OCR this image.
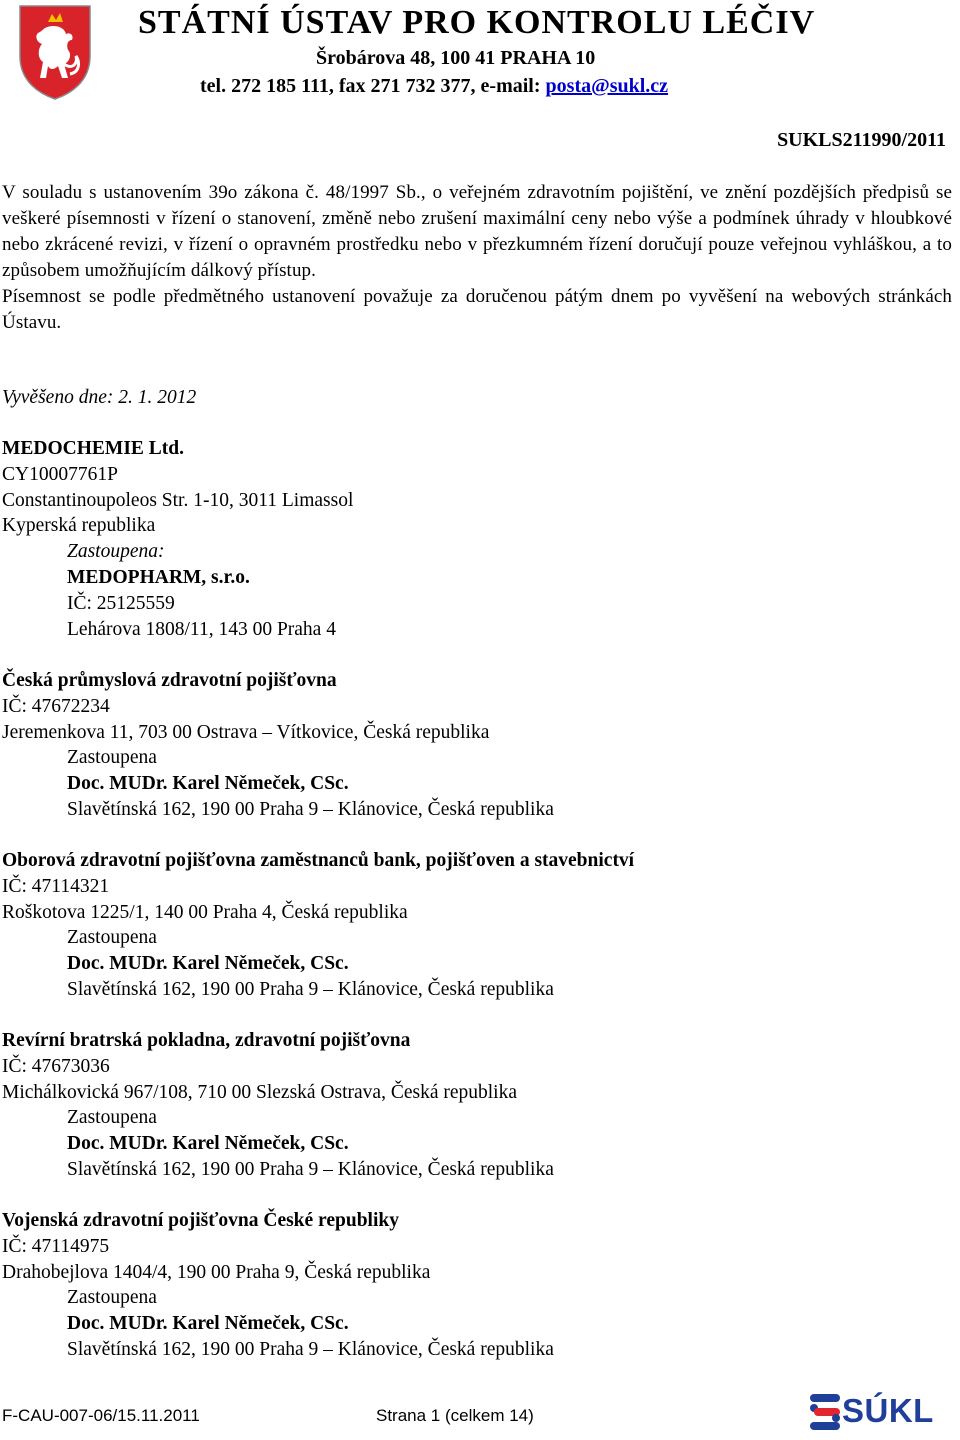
STÁTNÍ ÚSTAV PRO KONTROLU LÉČIV
Šrobárova 48, 100 41 PRAHA 10
tel. 272 185 111, fax 271 732 377, e-mail: posta@sukl.cz
SUKLS211990/2011
V souladu s ustanovením 39o zákona č. 48/1997 Sb., o veřejném zdravotním pojištění, ve znění pozdějších předpisů se veškeré písemnosti v řízení o stanovení, změně nebo zrušení maximální ceny nebo výše a podmínek úhrady v hloubkové nebo zkrácené revizi, v řízení o opravném prostředku nebo v přezkumném řízení doručují pouze veřejnou vyhláškou, a to způsobem umožňujícím dálkový přístup.
Písemnost se podle předmětného ustanovení považuje za doručenou pátým dnem po vyvěšení na webových stránkách Ústavu.
Vyvěšeno dne: 2. 1. 2012
MEDOCHEMIE Ltd.
CY10007761P
Constantinoupoleos Str. 1-10, 3011 Limassol
Kyperská republika
Zastoupena:
MEDOPHARM, s.r.o.
IČ: 25125559
Lehárova 1808/11, 143 00 Praha 4
Česká průmyslová zdravotní pojišťovna
IČ: 47672234
Jeremenkova 11, 703 00 Ostrava – Vítkovice, Česká republika
Zastoupena
Doc. MUDr. Karel Němeček, CSc.
Slavětínská 162, 190 00 Praha 9 – Klánovice, Česká republika
Oborová zdravotní pojišťovna zaměstnanců bank, pojišťoven a stavebnictví
IČ: 47114321
Roškotova 1225/1, 140 00 Praha 4, Česká republika
Zastoupena
Doc. MUDr. Karel Němeček, CSc.
Slavětínská 162, 190 00 Praha 9 – Klánovice, Česká republika
Revírní bratrská pokladna, zdravotní pojišťovna
IČ: 47673036
Michálkovická 967/108, 710 00 Slezská Ostrava, Česká republika
Zastoupena
Doc. MUDr. Karel Němeček, CSc.
Slavětínská 162, 190 00 Praha 9 – Klánovice, Česká republika
Vojenská zdravotní pojišťovna České republiky
IČ: 47114975
Drahobejlova 1404/4, 190 00 Praha 9, Česká republika
Zastoupena
Doc. MUDr. Karel Němeček, CSc.
Slavětínská 162, 190 00 Praha 9 – Klánovice, Česká republika
F-CAU-007-06/15.11.2011	Strana 1 (celkem 14)	SÚKL
